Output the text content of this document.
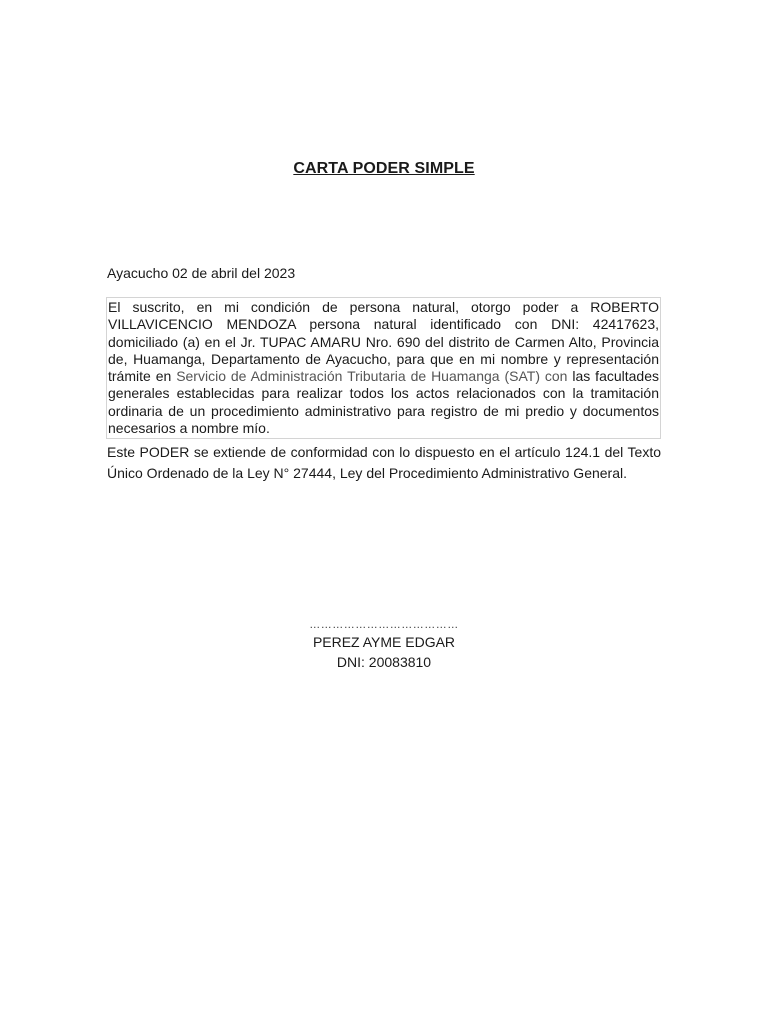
CARTA PODER SIMPLE
Ayacucho 02 de abril del 2023
El suscrito, en mi condición de persona natural, otorgo poder a ROBERTO VILLAVICENCIO MENDOZA persona natural identificado con DNI: 42417623, domiciliado (a) en el Jr. TUPAC AMARU Nro. 690 del distrito de Carmen Alto, Provincia de, Huamanga, Departamento de Ayacucho, para que en mi nombre y representación trámite en Servicio de Administración Tributaria de Huamanga (SAT) con las facultades generales establecidas para realizar todos los actos relacionados con la tramitación ordinaria de un procedimiento administrativo para registro de mi predio y documentos necesarios a nombre mío.
Este PODER se extiende de conformidad con lo dispuesto en el artículo 124.1 del Texto Único Ordenado de la Ley N° 27444, Ley del Procedimiento Administrativo General.
…………………………………
PEREZ AYME EDGAR
DNI: 20083810
